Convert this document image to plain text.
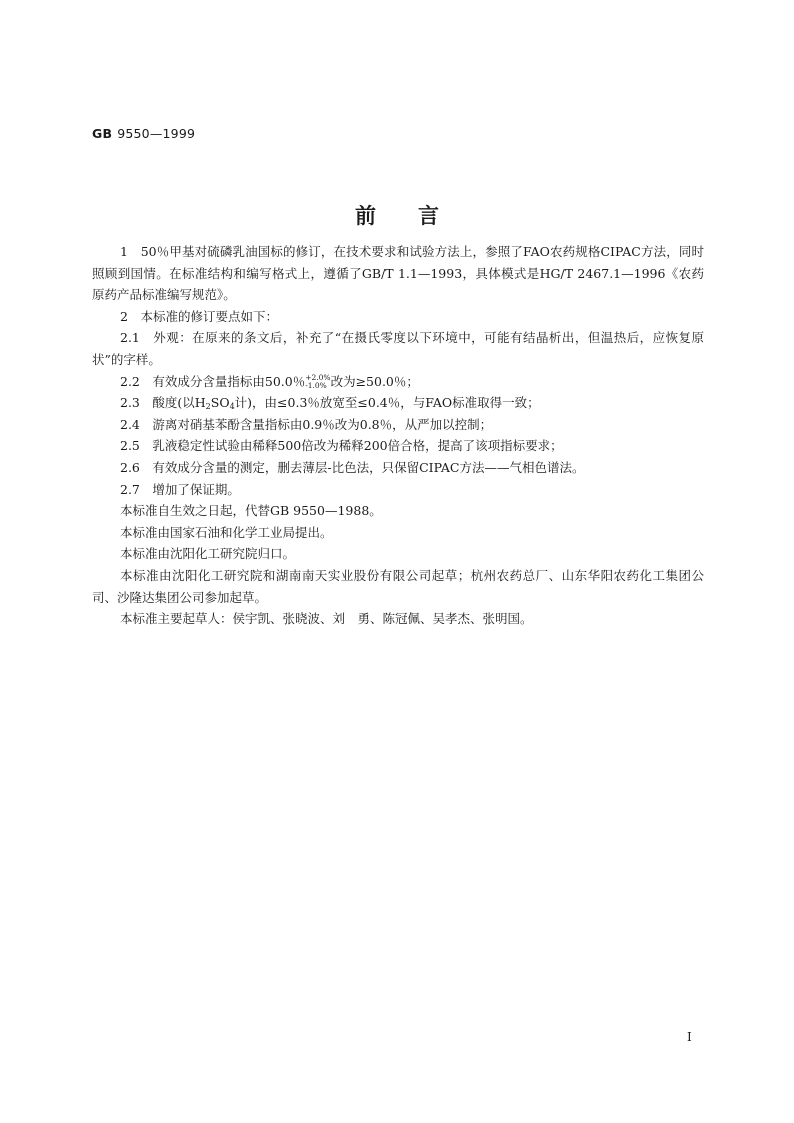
GB 9550—1999
前言

1　50％甲基对硫磷乳油国标的修订，在技术要求和试验方法上，参照了FAO农药规格CIPAC方法，同时照顾到国情。在标准结构和编写格式上，遵循了GB/T 1.1—1993，具体模式是HG/T 2467.1—1996《农药原药产品标准编写规范》。

2　本标准的修订要点如下：

2.1　外观：在原来的条文后，补充了“在摄氏零度以下环境中，可能有结晶析出，但温热后，应恢复原状”的字样。

2.2　有效成分含量指标由50.0％ +2.0%
-1.0% 改为≥50.0％；

2.3　酸度(以$H_2SO_4$计)，由≤0.3％放宽至≤0.4％，与FAO标准取得一致；

2.4　游离对硝基苯酚含量指标由0.9％改为0.8％，从严加以控制；

2.5　乳液稳定性试验由稀释500倍改为稀释200倍合格，提高了该项指标要求；

2.6　有效成分含量的测定，删去薄层-比色法，只保留CIPAC方法——气相色谱法。

2.7　增加了保证期。

本标准自生效之日起，代替GB 9550—1988。

本标准由国家石油和化学工业局提出。

本标准由沈阳化工研究院归口。

本标准由沈阳化工研究院和湖南南天实业股份有限公司起草；杭州农药总厂、山东华阳农药化工集团公司、沙隆达集团公司参加起草。

本标准主要起草人：侯宇凯、张晓波、刘　勇、陈冠佩、吴孝杰、张明国。

I
